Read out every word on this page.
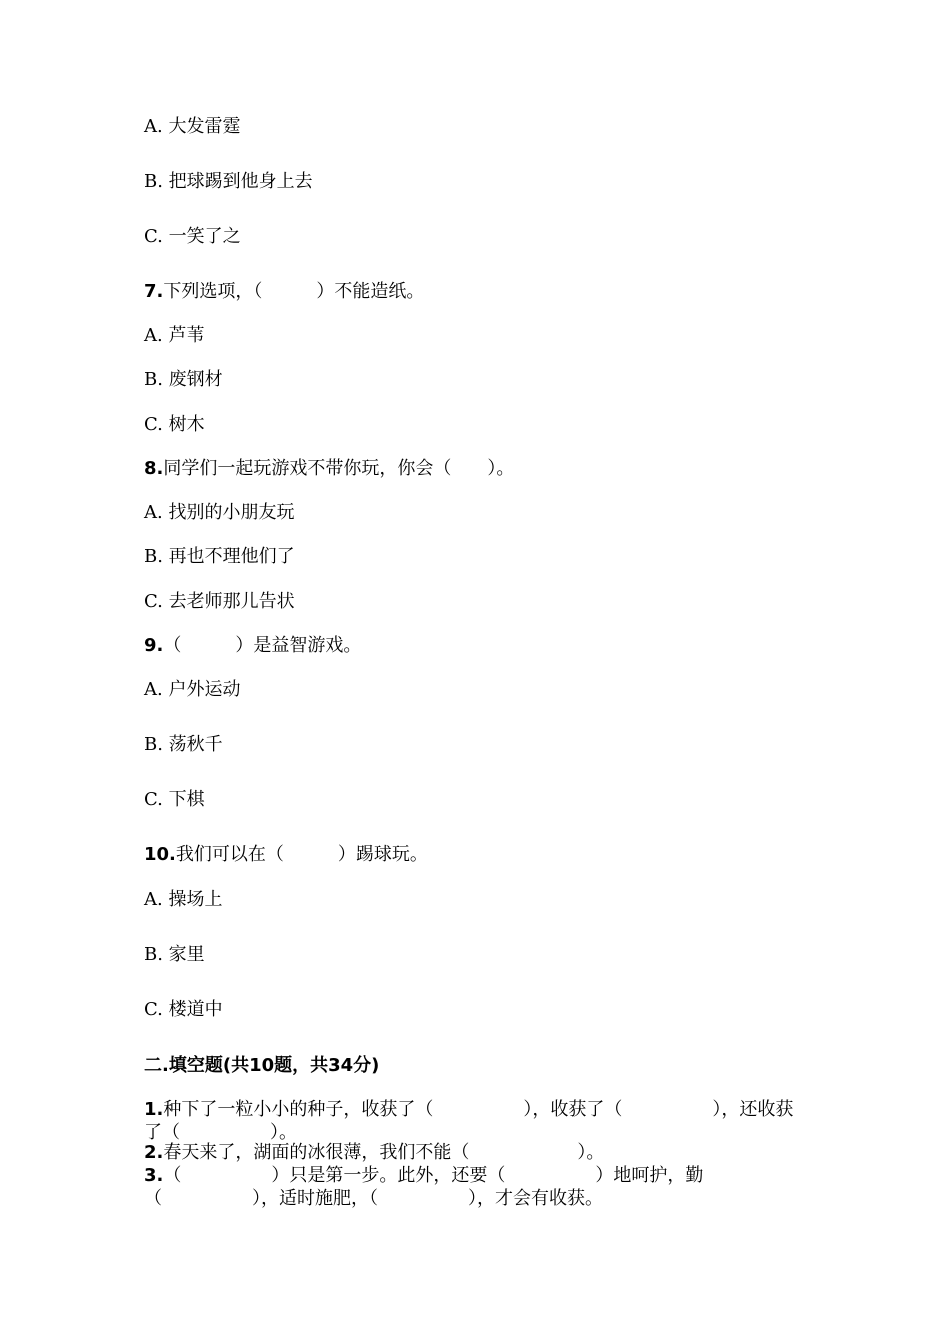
A. 大发雷霆

B. 把球踢到他身上去

C. 一笑了之

7.下列选项，（　　　）不能造纸。

A. 芦苇

B. 废钢材

C. 树木

8.同学们一起玩游戏不带你玩，你会（　　）。

A. 找别的小朋友玩

B. 再也不理他们了

C. 去老师那儿告状

9.（　　　）是益智游戏。

A. 户外运动

B. 荡秋千

C. 下棋

10.我们可以在（　　　）踢球玩。

A. 操场上

B. 家里

C. 楼道中

二.填空题(共10题，共34分)

1.种下了一粒小小的种子，收获了（　　　　　），收获了（　　　　　），还收获了（　　　　　）。

2.春天来了，湖面的冰很薄，我们不能（　　　　　　）。

3.（　　　　　）只是第一步。此外，还要（　　　　　）地呵护，勤（　　　　　），适时施肥，（　　　　　），才会有收获。
